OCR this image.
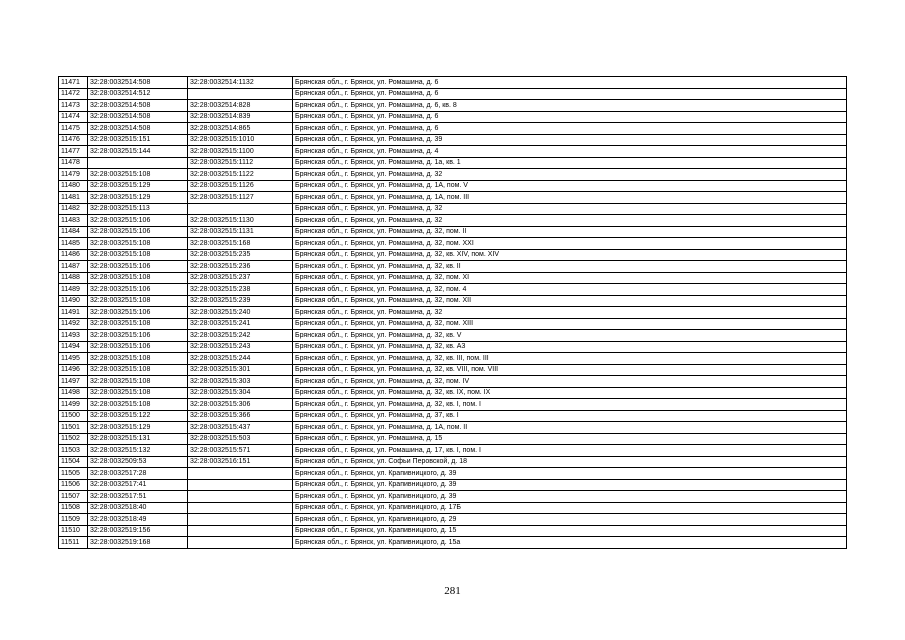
11471	32:28:0032514:508	32:28:0032514:1132	Брянская обл., г. Брянск, ул. Ромашина, д. 6
11472	32:28:0032514:512		Брянская обл., г. Брянск, ул. Ромашина, д. 6
11473	32:28:0032514:508	32:28:0032514:828	Брянская обл., г. Брянск, ул. Ромашина, д. 6, кв. 8
11474	32:28:0032514:508	32:28:0032514:839	Брянская обл., г. Брянск, ул. Ромашина, д. 6
11475	32:28:0032514:508	32:28:0032514:865	Брянская обл., г. Брянск, ул. Ромашина, д. 6
11476	32:28:0032515:151	32:28:0032515:1010	Брянская обл., г. Брянск, ул. Ромашина, д. 39
11477	32:28:0032515:144	32:28:0032515:1100	Брянская обл., г. Брянск, ул. Ромашина, д. 4
11478		32:28:0032515:1112	Брянская обл., г. Брянск, ул. Ромашина, д. 1а, кв. 1
11479	32:28:0032515:108	32:28:0032515:1122	Брянская обл., г. Брянск, ул. Ромашина, д. 32
11480	32:28:0032515:129	32:28:0032515:1126	Брянская обл., г. Брянск, ул. Ромашина, д. 1А, пом. V
11481	32:28:0032515:129	32:28:0032515:1127	Брянская обл., г. Брянск, ул. Ромашина, д. 1А, пом. III
11482	32:28:0032515:113		Брянская обл., г. Брянск, ул. Ромашина, д. 32
11483	32:28:0032515:106	32:28:0032515:1130	Брянская обл., г. Брянск, ул. Ромашина, д. 32
11484	32:28:0032515:106	32:28:0032515:1131	Брянская обл., г. Брянск, ул. Ромашина, д. 32, пом. II
11485	32:28:0032515:108	32:28:0032515:168	Брянская обл., г. Брянск, ул. Ромашина, д. 32, пом. XXI
11486	32:28:0032515:108	32:28:0032515:235	Брянская обл., г. Брянск, ул. Ромашина, д. 32, кв. XIV, пом. XIV
11487	32:28:0032515:106	32:28:0032515:236	Брянская обл., г. Брянск, ул. Ромашина, д. 32, кв. II
11488	32:28:0032515:108	32:28:0032515:237	Брянская обл., г. Брянск, ул. Ромашина, д. 32, пом. XI
11489	32:28:0032515:106	32:28:0032515:238	Брянская обл., г. Брянск, ул. Ромашина, д. 32, пом. 4
11490	32:28:0032515:108	32:28:0032515:239	Брянская обл., г. Брянск, ул. Ромашина, д. 32, пом. XII
11491	32:28:0032515:106	32:28:0032515:240	Брянская обл., г. Брянск, ул. Ромашина, д. 32
11492	32:28:0032515:108	32:28:0032515:241	Брянская обл., г. Брянск, ул. Ромашина, д. 32, пом. XIII
11493	32:28:0032515:106	32:28:0032515:242	Брянская обл., г. Брянск, ул. Ромашина, д. 32, кв. V
11494	32:28:0032515:106	32:28:0032515:243	Брянская обл., г. Брянск, ул. Ромашина, д. 32, кв. А3
11495	32:28:0032515:108	32:28:0032515:244	Брянская обл., г. Брянск, ул. Ромашина, д. 32, кв. III, пом. III
11496	32:28:0032515:108	32:28:0032515:301	Брянская обл., г. Брянск, ул. Ромашина, д. 32, кв. VIII, пом. VIII
11497	32:28:0032515:108	32:28:0032515:303	Брянская обл., г. Брянск, ул. Ромашина, д. 32, пом. IV
11498	32:28:0032515:108	32:28:0032515:304	Брянская обл., г. Брянск, ул. Ромашина, д. 32, кв. IX, пом. IX
11499	32:28:0032515:108	32:28:0032515:306	Брянская обл., г. Брянск, ул. Ромашина, д. 32, кв. I, пом. I
11500	32:28:0032515:122	32:28:0032515:366	Брянская обл., г. Брянск, ул. Ромашина, д. 37, кв. I
11501	32:28:0032515:129	32:28:0032515:437	Брянская обл., г. Брянск, ул. Ромашина, д. 1А, пом. II
11502	32:28:0032515:131	32:28:0032515:503	Брянская обл., г. Брянск, ул. Ромашина, д. 15
11503	32:28:0032515:132	32:28:0032515:571	Брянская обл., г. Брянск, ул. Ромашина, д. 17, кв. I, пом. I
11504	32:28:0032509:53	32:28:0032516:151	Брянская обл., г. Брянск, ул. Софьи Перовской, д. 18
11505	32:28:0032517:28		Брянская обл., г. Брянск, ул. Крапивницкого, д. 39
11506	32:28:0032517:41		Брянская обл., г. Брянск, ул. Крапивницкого, д. 39
11507	32:28:0032517:51		Брянская обл., г. Брянск, ул. Крапивницкого, д. 39
11508	32:28:0032518:40		Брянская обл., г. Брянск, ул. Крапивницкого, д. 17Б
11509	32:28:0032518:49		Брянская обл., г. Брянск, ул. Крапивницкого, д. 29
11510	32:28:0032519:156		Брянская обл., г. Брянск, ул. Крапивницкого, д. 15
11511	32:28:0032519:168		Брянская обл., г. Брянск, ул. Крапивницкого, д. 15а
281
